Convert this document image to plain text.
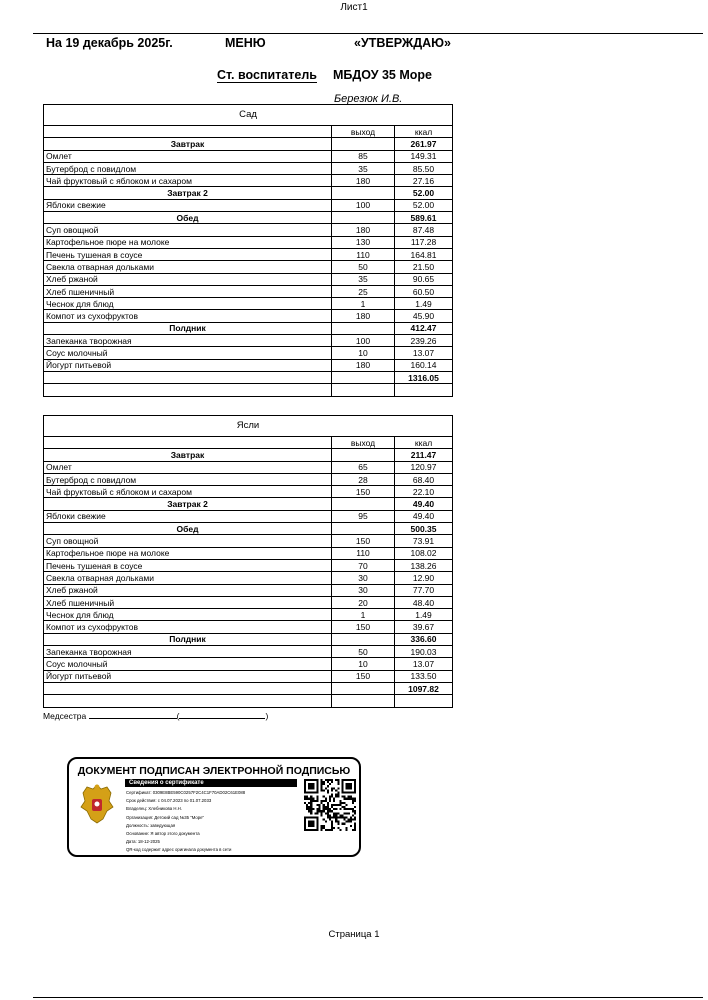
Лист1
На 19 декабрь 2025г.	МЕНЮ	«УТВЕРЖДАЮ»
Ст. воспитатель МБДОУ 35 Море
Березюк И.В.
Сад		
	выход	ккал
Завтрак		261.97
Омлет	85	149.31
Бутерброд с повидлом	35	85.50
Чай фруктовый с яблоком и сахаром	180	27.16
Завтрак 2		52.00
Яблоки свежие	100	52.00
Обед		589.61
Суп овощной	180	87.48
Картофельное пюре на молоке	130	117.28
Печень тушеная в соусе	110	164.81
Свекла отварная дольками	50	21.50
Хлеб ржаной	35	90.65
Хлеб пшеничный	25	60.50
Чеснок для блюд	1	1.49
Компот из сухофруктов	180	45.90
Полдник		412.47
Запеканка творожная	100	239.26
Соус молочный	10	13.07
Йогурт питьевой	180	160.14
		1316.05

Ясли		
	выход	ккал
Завтрак		211.47
Омлет	65	120.97
Бутерброд с повидлом	28	68.40
Чай фруктовый с яблоком и сахаром	150	22.10
Завтрак 2		49.40
Яблоки свежие	95	49.40
Обед		500.35
Суп овощной	150	73.91
Картофельное пюре на молоке	110	108.02
Печень тушеная в соусе	70	138.26
Свекла отварная дольками	30	12.90
Хлеб ржаной	30	77.70
Хлеб пшеничный	20	48.40
Чеснок для блюд	1	1.49
Компот из сухофруктов	150	39.67
Полдник		336.60
Запеканка творожная	50	190.03
Соус молочный	10	13.07
Йогурт питьевой	150	133.50
		1097.82

Медсестра	(	)
ДОКУМЕНТ ПОДПИСАН ЭЛЕКТРОННОЙ ПОДПИСЬЮ
Сведения о сертификате
Сертификат: 0309E8BE590C0257F2C4C1F70AD02C61E088
Срок действия: с 04.07.2023 по 01.07.2033
Владелец: Хлебникова Н.Н.
Организация: Детский сад №35 "Море"
Должность: заведующая
Основание: Я автор этого документа
Дата: 18-12-2025
QR-код содержит адрес оригинала документа в сети
Страница 1
